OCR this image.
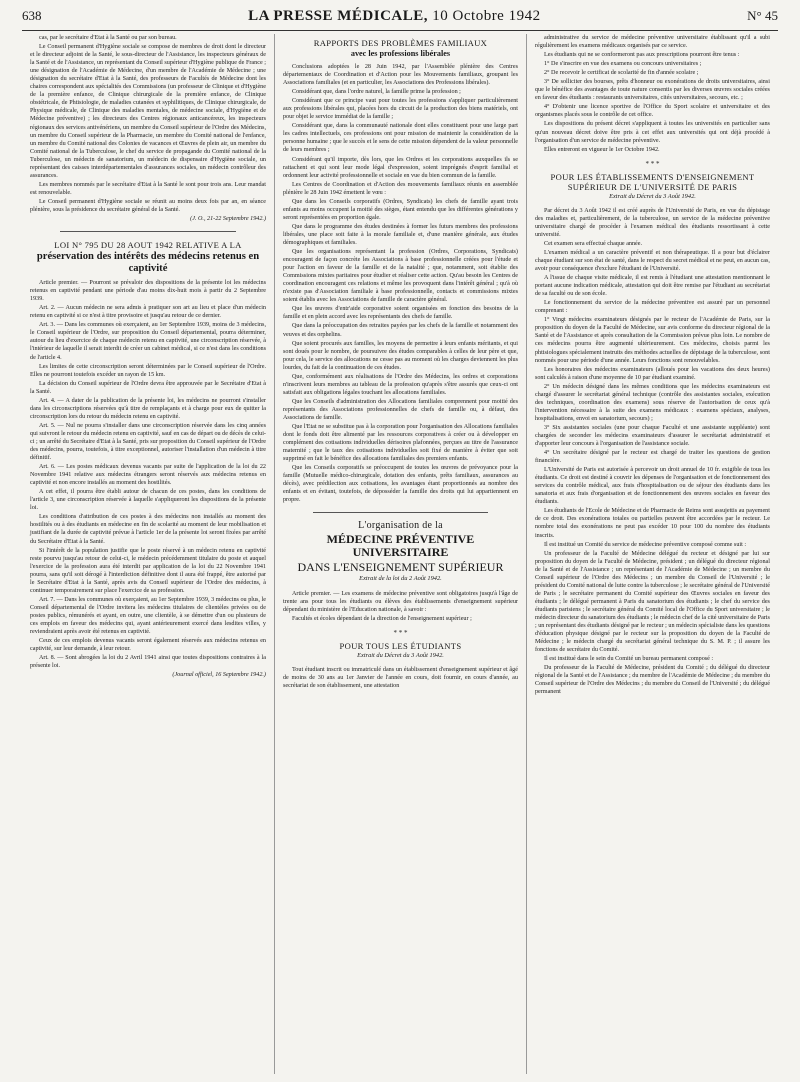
638	LA PRESSE MÉDICALE, 10 Octobre 1942	N° 45

cas, par le secrétaire d'Etat à la Santé ou par son bureau.

Le Conseil permanent d'Hygiène sociale se compose de membres de droit dont le directeur et le directeur adjoint de la Santé, le sous-directeur de l'Assistance, les inspecteurs généraux de la Santé et de l'Assistance, un représentant du Conseil supérieur d'Hygiène publique de France ; une désignation de l'Académie de Médecine, d'un membre de l'Académie de Médecine ; une désignation du secrétaire d'Etat à la Santé, des professeurs de Facultés de Médecine dont les chaires correspondent aux spécialités des Commissions (un professeur de Clinique et d'Hygiène de la première enfance, de Clinique chirurgicale de la première enfance, de Clinique obstétricale, de Phtisiologie, de maladies cutanées et syphilitiques, de Clinique chirurgicale, de Physique médicale, de Clinique des maladies mentales, de médecine sociale, d'Hygiène et de Médecine préventive) ; les directeurs des Centres régionaux anticancéreux, les inspecteurs régionaux des services antivénériens, un membre du Conseil supérieur de l'Ordre des Médecins, un membre du Conseil supérieur de la Pharmacie, un membre du Comité national de l'enfance, un membre du Comité national des Colonies de vacances et Œuvres de plein air, un membre du Comité national de la Tuberculose, le chef du service de propagande du Comité national de la Tuberculose, un médecin de sanatorium, un médecin de dispensaire d'Hygiène sociale, un représentant des caisses interdépartementales d'assurances sociales, un médecin contrôleur des assurances.

Les membres nommés par le secrétaire d'Etat à la Santé le sont pour trois ans. Leur mandat est renouvelable.

Le Conseil permanent d'Hygiène sociale se réunit au moins deux fois par an, en séance plénière, sous la présidence du secrétaire général de la Santé.

(J. O., 21-22 Septembre 1942.)

LOI N° 795 DU 28 AOUT 1942 RELATIVE A LA
préservation des intérêts des médecins retenus en captivité

Article premier. — Pourront se prévaloir des dispositions de la présente loi les médecins retenus en captivité pendant une période d'au moins dix-huit mois à partir du 2 Septembre 1939.

Art. 2. — Aucun médecin ne sera admis à pratiquer son art au lieu et place d'un médecin retenu en captivité si ce n'est à titre provisoire et jusqu'au retour de ce dernier.

Art. 3. — Dans les communes où exerçaient, au 1er Septembre 1939, moins de 3 médecins, le Conseil supérieur de l'Ordre, sur proposition du Conseil départemental, pourra déterminer, autour du lieu d'exercice de chaque médecin retenu en captivité, une circonscription réservée, à l'intérieur de laquelle il serait interdit de créer un cabinet médical, si ce n'est dans les conditions de l'article 4.

Les limites de cette circonscription seront déterminées par le Conseil supérieur de l'Ordre. Elles ne pourront toutefois excéder un rayon de 15 km.

La décision du Conseil supérieur de l'Ordre devra être approuvée par le Secrétaire d'Etat à la Santé.

Art. 4. — A dater de la publication de la présente loi, les médecins ne pourront s'installer dans les circonscriptions réservées qu'à titre de remplaçants et à charge pour eux de quitter la circonscription lors du retour du médecin retenu en captivité.

Art. 5. — Nul ne pourra s'installer dans une circonscription réservée dans les cinq années qui suivront le retour du médecin retenu en captivité, sauf en cas de départ ou de décès de celui-ci ; un arrêté du Secrétaire d'Etat à la Santé, pris sur proposition du Conseil supérieur de l'Ordre des médecins, pourra, toutefois, à titre exceptionnel, autoriser l'installation d'un médecin à titre définitif.

Art. 6. — Les postes médicaux devenus vacants par suite de l'application de la loi du 22 Novembre 1941 relative aux médecins étrangers seront réservés aux médecins retenus en captivité et non encore installés au moment des hostilités.

A cet effet, il pourra être établi autour de chacun de ces postes, dans les conditions de l'article 3, une circonscription réservée à laquelle s'appliqueront les dispositions de la présente loi.

Les conditions d'attribution de ces postes à des médecins non installés au moment des hostilités ou à des étudiants en médecine en fin de scolarité au moment de leur mobilisation et justifiant de la durée de captivité prévue à l'article 1er de la présente loi seront fixées par arrêté du Secrétaire d'Etat à la Santé.

Si l'intérêt de la population justifie que le poste réservé à un médecin retenu en captivité reste pourvu jusqu'au retour de celui-ci, le médecin précédemment titulaire du poste et auquel l'exercice de la profession aura été interdit par application de la loi du 22 Novembre 1941 pourra, sans qu'il soit dérogé à l'interdiction définitive dont il aura été frappé, être autorisé par le Secrétaire d'Etat à la Santé, après avis du Conseil supérieur de l'Ordre des médecins, à continuer temporairement sur place l'exercice de sa profession.

Art. 7. — Dans les communes où exerçaient, au 1er Septembre 1939, 3 médecins ou plus, le Conseil départemental de l'Ordre invitera les médecins titulaires de clientèles privées ou de postes publics, rémunérés et ayant, en outre, une clientèle, à se démettre d'un ou plusieurs de ces emplois en faveur des médecins qui, ayant antérieurement exercé dans lesdites villes, y reviendraient après avoir été retenus en captivité.

Ceux de ces emplois devenus vacants seront également réservés aux médecins retenus en captivité, sur leur demande, à leur retour.

Art. 8. — Sont abrogées la loi du 2 Avril 1941 ainsi que toutes dispositions contraires à la présente loi.

(Journal officiel, 16 Septembre 1942.)

RAPPORTS DES PROBLÈMES FAMILIAUX
avec les professions libérales

Conclusions adoptées le 28 Juin 1942, par l'Assemblée plénière des Centres départementaux de Coordination et d'Action pour les Mouvements familiaux, groupant les Associations familiales (et en particulier, les Associations des Professions libérales).

Considérant que, dans l'ordre naturel, la famille prime la profession ;

Considérant que ce principe vaut pour toutes les professions s'appliquer particulièrement aux professions libérales qui, placées hors du circuit de la production des biens matériels, ont pour objet le service immédiat de la famille ;

Considérant que, dans la communauté nationale dont elles constituent pour une large part les cadres intellectuels, ces professions ont pour mission de maintenir la considération de la personne humaine ; que le succès et le sens de cette mission dépendent de la valeur personnelle de leurs membres ;

Considérant qu'il importe, dès lors, que les Ordres et les corporations auxquelles ils se rattachent et qui sont leur mode légal d'expression, soient imprégnés d'esprit familial et ordonnent leur activité professionnelle et sociale en vue du bien commun de la famille.

Les Centres de Coordination et d'Action des mouvements familiaux réunis en assemblée plénière le 28 Juin 1942 émettent le vœu :

Que dans les Conseils corporatifs (Ordres, Syndicats) les chefs de famille ayant trois enfants au moins occupent la moitié des sièges, étant entendu que les différentes générations y seront représentées en proportion égale.

Que dans le programme des études destinées à former les futurs membres des professions libérales, une place soit faite à la morale familiale et, d'une manière générale, aux études démographiques et familiales.

Que les organisations représentant la profession (Ordres, Corporations, Syndicats) encouragent de façon concrète les Associations à base professionnelle créées pour l'étude et pour l'action en faveur de la famille et de la natalité ; que, notamment, soit établie des Commissions mixtes paritaires pour étudier et réaliser cette action. Qu'au besoin les Centres de coordination encouragent ces relations et même les provoquent dans l'intérêt général ; qu'à où n'existe pas d'Association familiale à base professionnelle, contacts et commissions mixtes soient établis avec les Associations de famille de caractère général.

Que les œuvres d'entr'aide corporative soient organisées en fonction des besoins de la famille et en plein accord avec les représentants des chefs de famille.

Que dans la préoccupation des retraites payées par les chefs de la famille et notamment des veuves et des orphelins.

Que soient procurés aux familles, les moyens de permettre à leurs enfants méritants, et qui sont doués pour le nombre, de poursuivre des études comparables à celles de leur père et que, pour cela, le service des allocations ne cesse pas au moment où les charges deviennent les plus lourdes, du fait de la continuation de ces études.

Que, conformément aux réalisations de l'Ordre des Médecins, les ordres et corporations n'inscrivent leurs membres au tableau de la profession qu'après s'être assurés que ceux-ci ont satisfait aux obligations légales touchant les allocations familiales.

Que les Conseils d'administration des Allocations familiales comprennent pour moitié des représentants des Associations professionnelles de chefs de famille ou, à défaut, des Associations de famille.

Que l'Etat ne se substitue pas à la corporation pour l'organisation des Allocations familiales dont le fonds doit être alimenté par les ressources corporatives à créer ou à développer en complément des cotisations individuelles dérisoires plafonnées, perçues au titre de l'assurance maternité ; que le taux des cotisations individuelles soit fixé de manière à éviter que soit supprimé en fait le bénéfice des allocations familiales des premiers enfants.

Que les Conseils corporatifs se préoccupent de toutes les œuvres de prévoyance pour la famille (Mutuelle médico-chirurgicale, dotation des enfants, prêts familiaux, assurances au décès), avec prédilection aux cotisations, les avantages étant proportionnés au nombre des enfants et en évitant, toutefois, de déposséder la famille des droits qui lui appartiennent en propre.

L'organisation de la
MÉDECINE PRÉVENTIVE UNIVERSITAIRE
DANS L'ENSEIGNEMENT SUPÉRIEUR
Extrait de la loi du 2 Août 1942.

Article premier. — Les examens de médecine préventive sont obligatoires jusqu'à l'âge de trente ans pour tous les étudiants ou élèves des établissements d'enseignement supérieur dépendant du ministère de l'Education nationale, à savoir :

Facultés et écoles dépendant de la direction de l'enseignement supérieur ;

* * *
POUR TOUS LES ÉTUDIANTS
Extrait du Décret du 3 Août 1942.

Tout étudiant inscrit ou immatriculé dans un établissement d'enseignement supérieur et âgé de moins de 30 ans au 1er Janvier de l'année en cours, doit fournir, en cours d'année, au secrétariat de son établissement, une attestation

administrative du service de médecine préventive universitaire établissant qu'il a subi régulièrement les examens médicaux organisés par ce service.

Les étudiants qui ne se conformeront pas aux prescriptions pourront être tenus :

1° De s'inscrire en vue des examens ou concours universitaires ;

2° De recevoir le certificat de scolarité de fin d'année scolaire ;

3° De solliciter des bourses, prêts d'honneur ou exonérations de droits universitaires, ainsi que le bénéfice des avantages de toute nature consentis par les diverses œuvres sociales créées en faveur des étudiants : restaurants universitaires, cités universitaires, secours, etc. ;

4° D'obtenir une licence sportive de l'Office du Sport scolaire et universitaire et des organismes placés sous le contrôle de cet office.

Les dispositions du présent décret s'appliquent à toutes les universités en particulier sans qu'un nouveau décret doive être pris à cet effet aux universités qui ont déjà procédé à l'organisation d'un service de médecine préventive.

Elles entreront en vigueur le 1er Octobre 1942.

* * *
POUR LES ÉTABLISSEMENTS D'ENSEIGNEMENT SUPÉRIEUR DE L'UNIVERSITÉ DE PARIS
Extrait du Décret du 3 Août 1942.

Par décret du 3 Août 1942 il est créé auprès de l'Université de Paris, en vue du dépistage des maladies et, particulièrement, de la tuberculose, un service de la médecine préventive universitaire chargé de procéder à l'examen médical des étudiants ressortissant à cette université.

Cet examen sera effectué chaque année.

L'examen médical a un caractère préventif et non thérapeutique. Il a pour but d'éclairer chaque étudiant sur son état de santé, dans le respect du secret médical et ne peut, en aucun cas, avoir pour conséquence d'exclure l'étudiant de l'Université.

A l'issue de chaque visite médicale, il est remis à l'étudiant une attestation mentionnant le portant aucune indication médicale, attestation qui doit être remise par l'étudiant au secrétariat de sa faculté ou de son école.

Le fonctionnement du service de la médecine préventive est assuré par un personnel comprenant :

1° Vingt médecins examinateurs désignés par le recteur de l'Académie de Paris, sur la proposition du doyen de la Faculté de Médecine, sur avis conforme du directeur régional de la Santé et de l'Assistance et après consultation de la Commission prévue plus loin. Le nombre de ces médecins pourra être augmenté ultérieurement. Ces médecins, choisis parmi les phtisiologues spécialement instruits des méthodes actuelles de dépistage de la tuberculose, sont nommés pour une période d'une année. Leurs fonctions sont renouvelables.

Les honoraires des médecins examinateurs (alloués pour les vacations des deux heures) sont calculés à raison d'une moyenne de 10 par étudiant examiné.

2° Un médecin désigné dans les mêmes conditions que les médecins examinateurs est chargé d'assurer le secrétariat général technique (contrôle des assistantes sociales, exécution des techniques, coordination des examens) sous réserve de l'autorisation de ceux qu'à l'intervention nécessaire à la suite des examens médicaux : examens spéciaux, analyses, hospitalisations, envoi en sanatorium, secours) ;

3° Six assistantes sociales (une pour chaque Faculté et une assistante suppléante) sont chargées de seconder les médecins examinateurs d'assurer le secrétariat administratif et d'apporter leur concours à l'organisation de l'assistance sociale.

4° Un secrétaire désigné par le recteur est chargé de traiter les questions de gestion financière.

L'Université de Paris est autorisée à percevoir un droit annuel de 10 fr. exigible de tous les étudiants. Ce droit est destiné à couvrir les dépenses de l'organisation et de fonctionnement des services du contrôle médical, aux frais d'hospitalisation ou de séjour des étudiants dans les sanatoria et aux frais d'organisation et de fonctionnement des œuvres sociales en faveur des étudiants.

Les étudiants de l'Ecole de Médecine et de Pharmacie de Reims sont assujettis au payement de ce droit. Des exonérations totales ou partielles peuvent être accordées par le recteur. Le nombre total des exonérations ne peut pas excéder 10 pour 100 du nombre des étudiants inscrits.

Il est institué un Comité du service de médecine préventive composé comme suit :

Un professeur de la Faculté de Médecine délégué du recteur et désigné par lui sur proposition du doyen de la Faculté de Médecine, président ; un délégué du directeur régional de la Santé et de l'Assistance ; un représentant de l'Académie de Médecine ; un membre du Conseil supérieur de l'Ordre des Médecins ; un membre du Conseil de l'Université ; le président du Comité national de lutte contre la tuberculose ; le secrétaire général de l'Université de Paris ; le secrétaire permanent du Comité supérieur des Œuvres sociales en faveur des étudiants ; le délégué permanent à Paris du sanatorium des étudiants ; le chef du service des étudiants parisiens ; le secrétaire général du Comité local de l'Office du Sport universitaire ; le médecin directeur du sanatorium des étudiants ; le médecin chef de la cité universitaire de Paris ; un représentant des étudiants désigné par le recteur ; un médecin spécialiste dans les questions d'éducation physique désigné par le recteur sur la proposition du doyen de la Faculté de Médecine ; le médecin chargé du secrétariat général technique du S. M. P. ; il assure les fonctions de secrétaire du Comité.

Il est institué dans le sein du Comité un bureau permanent composé :

Du professeur de la Faculté de Médecine, président du Comité ; du délégué du directeur régional de la Santé et de l'Assistance ; du membre de l'Académie de Médecine ; du membre du Conseil supérieur de l'Ordre des Médecins ; du membre du Conseil de l'Université ; du délégué permanent
